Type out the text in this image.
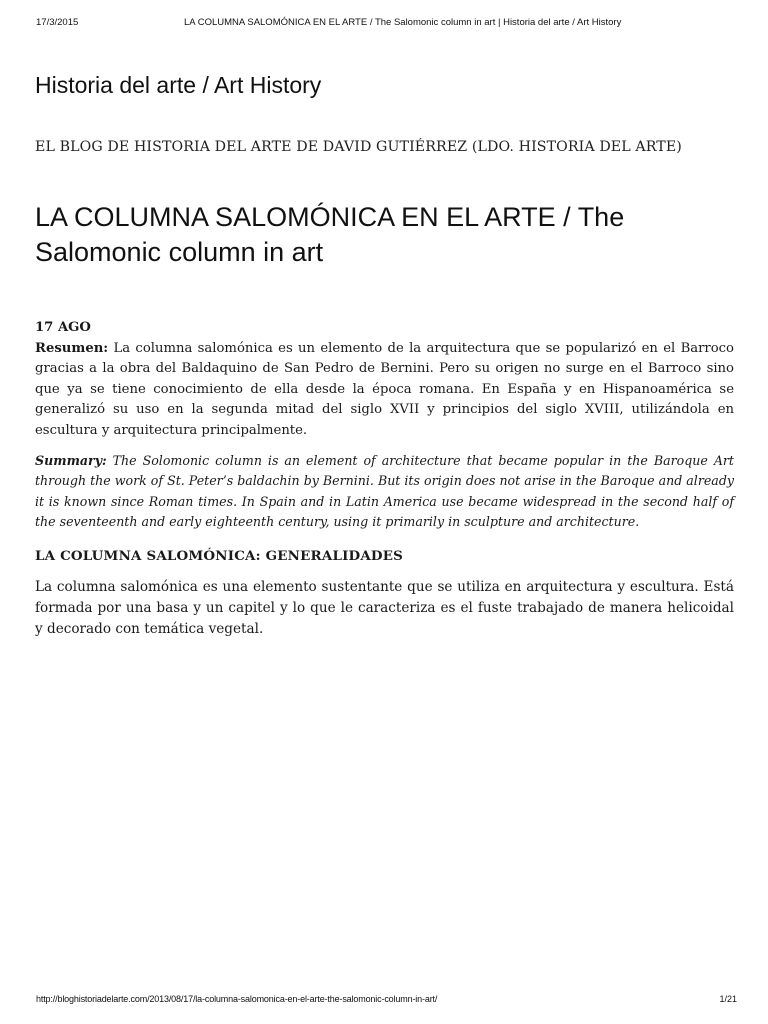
17/3/2015	LA COLUMNA SALOMÓNICA EN EL ARTE / The Salomonic column in art | Historia del arte / Art History
Historia del arte / Art History
EL BLOG DE HISTORIA DEL ARTE DE DAVID GUTIÉRREZ (LDO. HISTORIA DEL ARTE)
LA COLUMNA SALOMÓNICA EN EL ARTE / The Salomonic column in art
17 AGO

Resumen: La columna salomónica es un elemento de la arquitectura que se popularizó en el Barroco gracias a la obra del Baldaquino de San Pedro de Bernini. Pero su origen no surge en el Barroco sino que ya se tiene conocimiento de ella desde la época romana. En España y en Hispanoamérica se generalizó su uso en la segunda mitad del siglo XVII y principios del siglo XVIII, utilizándola en escultura y arquitectura principalmente.

Summary: The Solomonic column is an element of architecture that became popular in the Baroque Art through the work of St. Peter’s baldachin by Bernini. But its origin does not arise in the Baroque and already it is known since Roman times. In Spain and in Latin America use became widespread in the second half of the seventeenth and early eighteenth century, using it primarily in sculpture and architecture.

LA COLUMNA SALOMÓNICA: GENERALIDADES

La columna salomónica es una elemento sustentante que se utiliza en arquitectura y escultura. Está formada por una basa y un capitel y lo que le caracteriza es el fuste trabajado de manera helicoidal y decorado con temática vegetal.

http://bloghistoriadelarte.com/2013/08/17/la-columna-salomonica-en-el-arte-the-salomonic-column-in-art/	1/21
